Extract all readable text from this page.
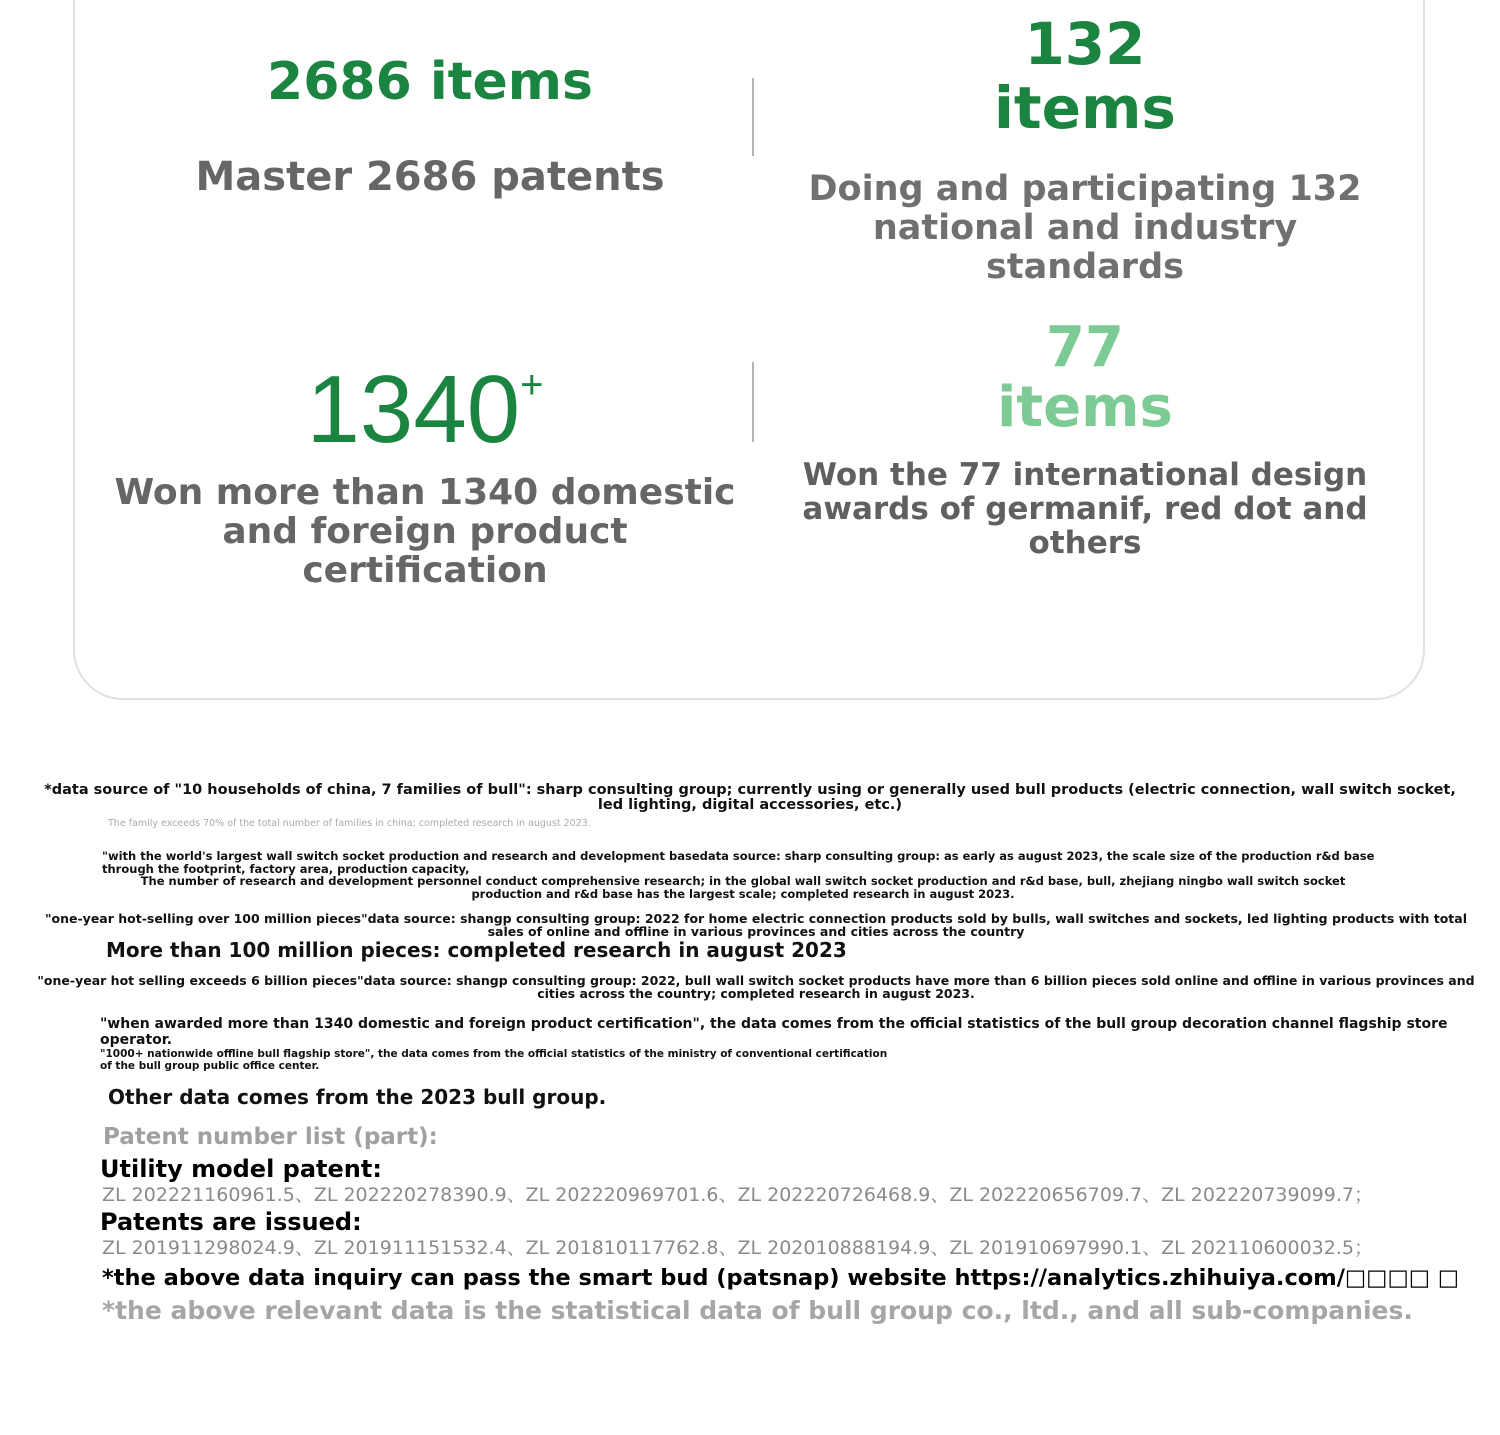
2686 items

Master 2686 patents

132
items

Doing and participating 132
national and industry standards

1340+

Won more than 1340 domestic
and foreign product certification

77
items

Won the 77 international design
awards of germanif, red dot and
others

*data source of "10 households of china, 7 families of bull": sharp consulting group; currently using or generally used bull products (electric connection, wall switch socket, led lighting, digital accessories, etc.)

The family exceeds 70% of the total number of families in china; completed research in august 2023.

"with the world's largest wall switch socket production and research and development basedata source: sharp consulting group: as early as august 2023, the scale size of the production r&d base through the footprint, factory area, production capacity,

The number of research and development personnel conduct comprehensive research; in the global wall switch socket production and r&d base, bull, zhejiang ningbo wall switch socket production and r&d base has the largest scale; completed research in august 2023.

"one-year hot-selling over 100 million pieces"data source: shangp consulting group: 2022 for home electric connection products sold by bulls, wall switches and sockets, led lighting products with total sales of online and offline in various provinces and cities across the country

More than 100 million pieces: completed research in august 2023

"one-year hot selling exceeds 6 billion pieces"data source: shangp consulting group: 2022, bull wall switch socket products have more than 6 billion pieces sold online and offline in various provinces and cities across the country; completed research in august 2023.

"when awarded more than 1340 domestic and foreign product certification", the data comes from the official statistics of the bull group decoration channel flagship store operator.

"1000+ nationwide offline bull flagship store", the data comes from the official statistics of the ministry of conventional certification of the bull group public office center.

Other data comes from the 2023 bull group.

Patent number list (part):

Utility model patent:

ZL 202221160961.5、ZL 202220278390.9、ZL 202220969701.6、ZL 202220726468.9、ZL 202220656709.7、ZL 202220739099.7；

Patents are issued:

ZL 201911298024.9、ZL 201911151532.4、ZL 201810117762.8、ZL 202010888194.9、ZL 201910697990.1、ZL 202110600032.5；

*the above data inquiry can pass the smart bud (patsnap) website https://analytics.zhihuiya.com/□□□□ □

*the above relevant data is the statistical data of bull group co., ltd., and all sub-companies.
